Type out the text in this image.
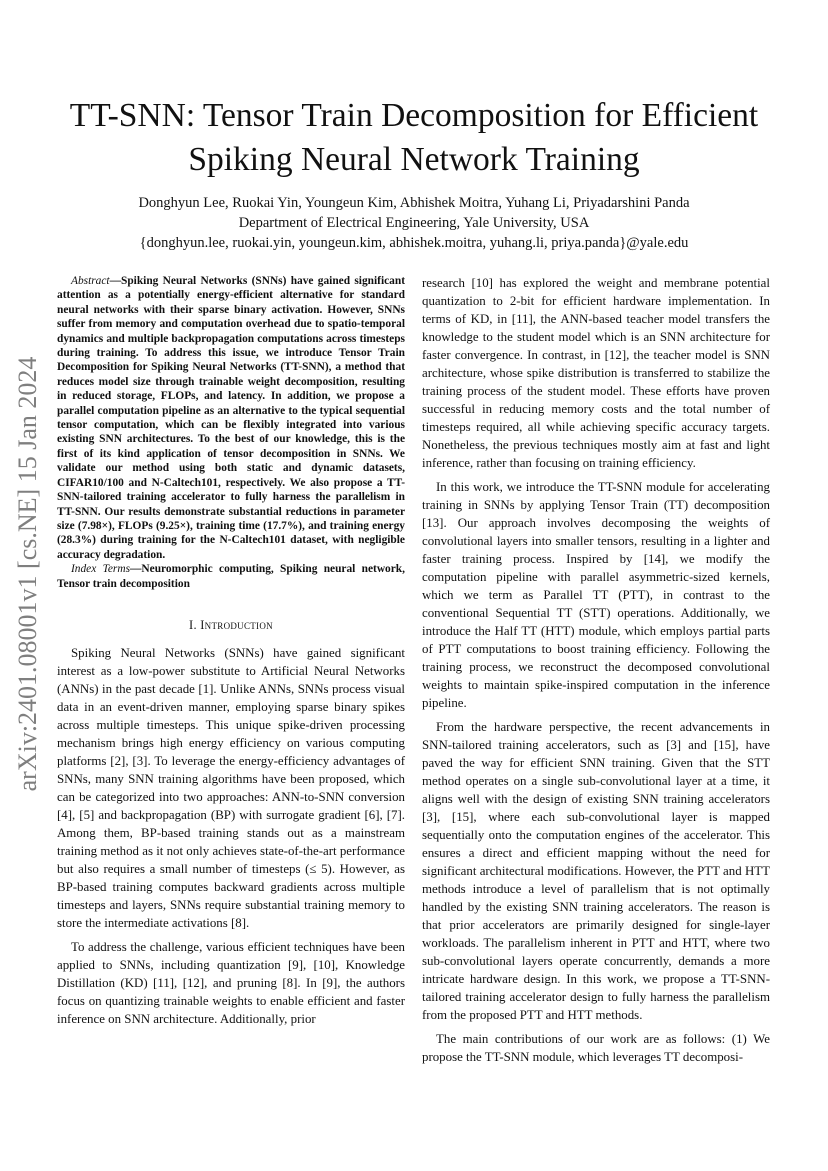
arXiv:2401.08001v1 [cs.NE] 15 Jan 2024
TT-SNN: Tensor Train Decomposition for Efficient Spiking Neural Network Training
Donghyun Lee, Ruokai Yin, Youngeun Kim, Abhishek Moitra, Yuhang Li, Priyadarshini Panda
Department of Electrical Engineering, Yale University, USA
{donghyun.lee, ruokai.yin, youngeun.kim, abhishek.moitra, yuhang.li, priya.panda}@yale.edu

Abstract—Spiking Neural Networks (SNNs) have gained significant attention as a potentially energy-efficient alternative for standard neural networks with their sparse binary activation. However, SNNs suffer from memory and computation overhead due to spatio-temporal dynamics and multiple backpropagation computations across timesteps during training. To address this issue, we introduce Tensor Train Decomposition for Spiking Neural Networks (TT-SNN), a method that reduces model size through trainable weight decomposition, resulting in reduced storage, FLOPs, and latency. In addition, we propose a parallel computation pipeline as an alternative to the typical sequential tensor computation, which can be flexibly integrated into various existing SNN architectures. To the best of our knowledge, this is the first of its kind application of tensor decomposition in SNNs. We validate our method using both static and dynamic datasets, CIFAR10/100 and N-Caltech101, respectively. We also propose a TT-SNN-tailored training accelerator to fully harness the parallelism in TT-SNN. Our results demonstrate substantial reductions in parameter size (7.98×), FLOPs (9.25×), training time (17.7%), and training energy (28.3%) during training for the N-Caltech101 dataset, with negligible accuracy degradation.

Index Terms—Neuromorphic computing, Spiking neural network, Tensor train decomposition

I. Introduction

Spiking Neural Networks (SNNs) have gained significant interest as a low-power substitute to Artificial Neural Networks (ANNs) in the past decade [1]. Unlike ANNs, SNNs process visual data in an event-driven manner, employing sparse binary spikes across multiple timesteps. This unique spike-driven processing mechanism brings high energy efficiency on various computing platforms [2], [3]. To leverage the energy-efficiency advantages of SNNs, many SNN training algorithms have been proposed, which can be categorized into two approaches: ANN-to-SNN conversion [4], [5] and backpropagation (BP) with surrogate gradient [6], [7]. Among them, BP-based training stands out as a mainstream training method as it not only achieves state-of-the-art performance but also requires a small number of timesteps (≤ 5). However, as BP-based training computes backward gradients across multiple timesteps and layers, SNNs require substantial training memory to store the intermediate activations [8].

To address the challenge, various efficient techniques have been applied to SNNs, including quantization [9], [10], Knowledge Distillation (KD) [11], [12], and pruning [8]. In [9], the authors focus on quantizing trainable weights to enable efficient and faster inference on SNN architecture. Additionally, prior

research [10] has explored the weight and membrane potential quantization to 2-bit for efficient hardware implementation. In terms of KD, in [11], the ANN-based teacher model transfers the knowledge to the student model which is an SNN architecture for faster convergence. In contrast, in [12], the teacher model is SNN architecture, whose spike distribution is transferred to stabilize the training process of the student model. These efforts have proven successful in reducing memory costs and the total number of timesteps required, all while achieving specific accuracy targets. Nonetheless, the previous techniques mostly aim at fast and light inference, rather than focusing on training efficiency.

In this work, we introduce the TT-SNN module for accelerating training in SNNs by applying Tensor Train (TT) decomposition [13]. Our approach involves decomposing the weights of convolutional layers into smaller tensors, resulting in a lighter and faster training process. Inspired by [14], we modify the computation pipeline with parallel asymmetric-sized kernels, which we term as Parallel TT (PTT), in contrast to the conventional Sequential TT (STT) operations. Additionally, we introduce the Half TT (HTT) module, which employs partial parts of PTT computations to boost training efficiency. Following the training process, we reconstruct the decomposed convolutional weights to maintain spike-inspired computation in the inference pipeline.

From the hardware perspective, the recent advancements in SNN-tailored training accelerators, such as [3] and [15], have paved the way for efficient SNN training. Given that the STT method operates on a single sub-convolutional layer at a time, it aligns well with the design of existing SNN training accelerators [3], [15], where each sub-convolutional layer is mapped sequentially onto the computation engines of the accelerator. This ensures a direct and efficient mapping without the need for significant architectural modifications. However, the PTT and HTT methods introduce a level of parallelism that is not optimally handled by the existing SNN training accelerators. The reason is that prior accelerators are primarily designed for single-layer workloads. The parallelism inherent in PTT and HTT, where two sub-convolutional layers operate concurrently, demands a more intricate hardware design. In this work, we propose a TT-SNN-tailored training accelerator design to fully harness the parallelism from the proposed PTT and HTT methods.

The main contributions of our work are as follows: (1) We propose the TT-SNN module, which leverages TT decomposi-
